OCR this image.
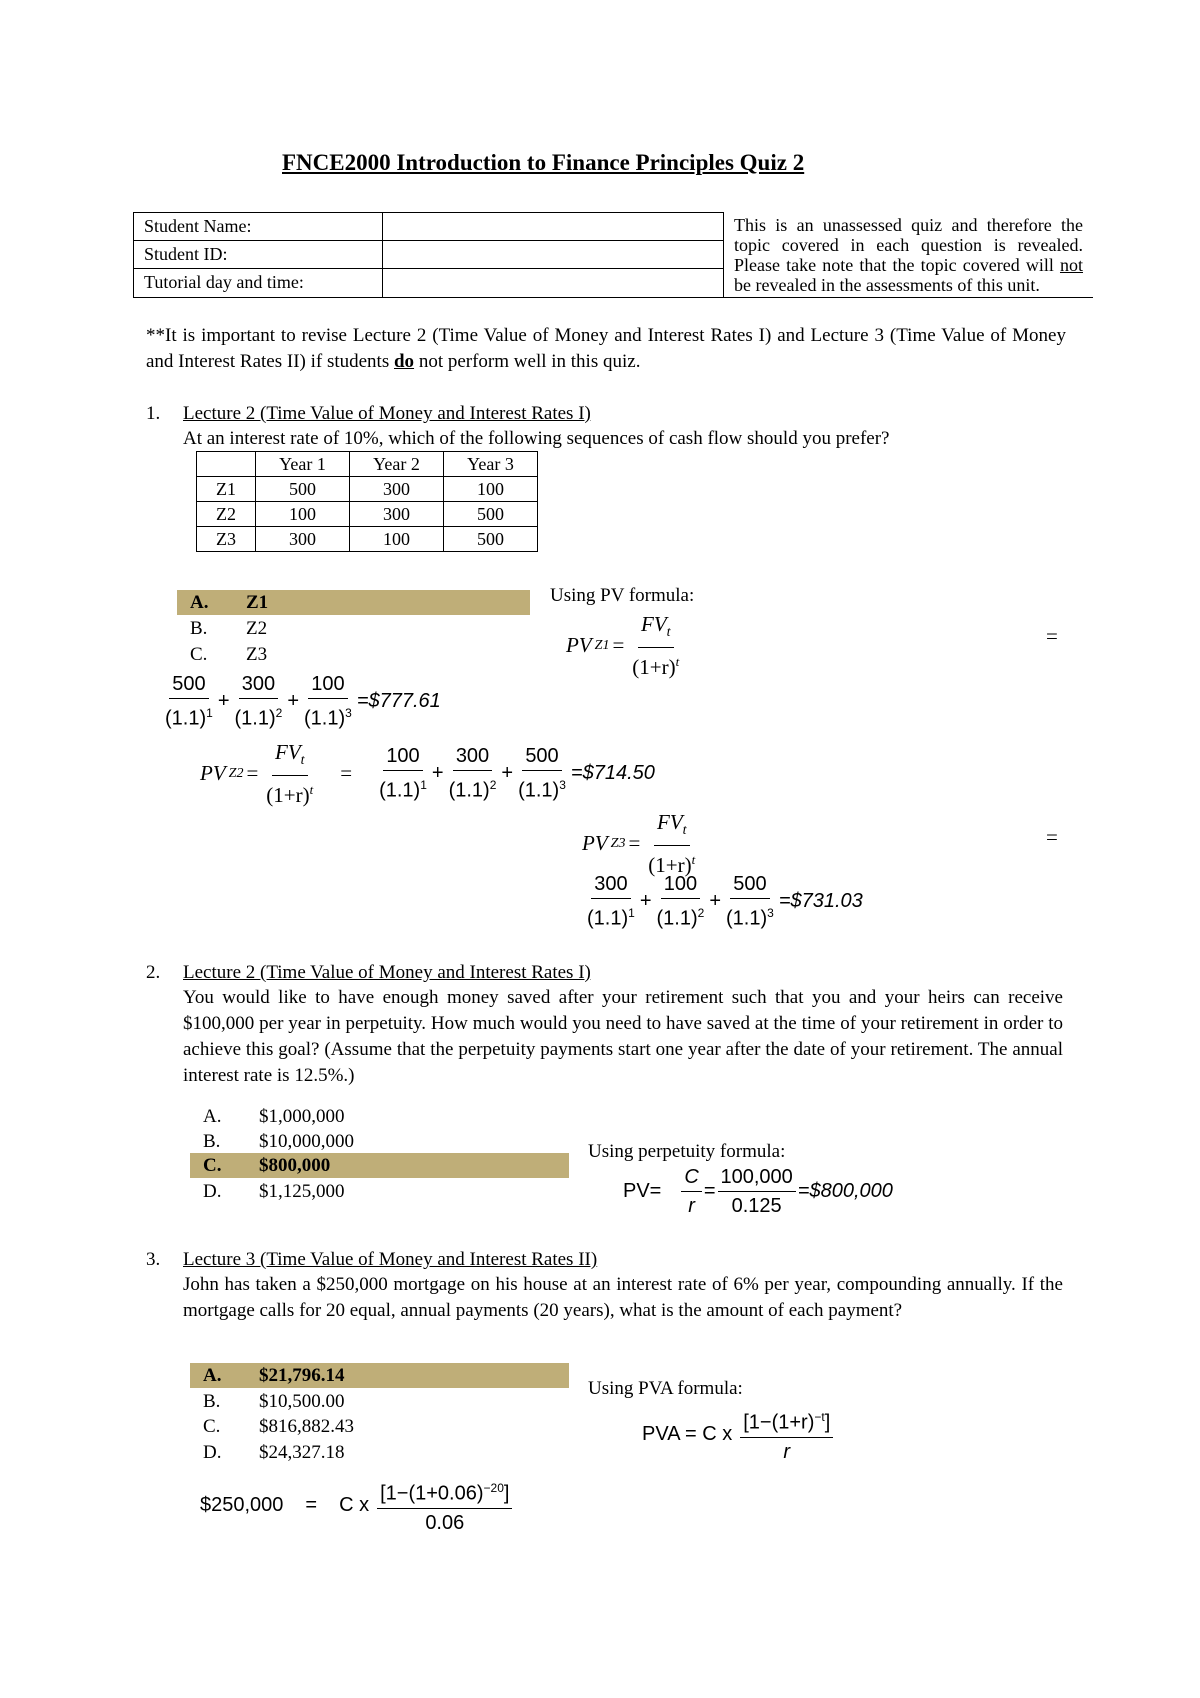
FNCE2000 Introduction to Finance Principles Quiz 2
Student Name:		This is an unassessed quiz and therefore the topic covered in each question is revealed. Please take note that the topic covered will not be revealed in the assessments of this unit.
Student ID:		
Tutorial day and time:		
**It is important to revise Lecture 2 (Time Value of Money and Interest Rates I) and Lecture 3 (Time Value of Money and Interest Rates II) if students do not perform well in this quiz.
1. Lecture 2 (Time Value of Money and Interest Rates I)
At an interest rate of 10%, which of the following sequences of cash flow should you prefer?
	Year 1	Year 2	Year 3
Z1	500	300	100
Z2	100	300	500
Z3	300	100	500
A. Z1
B. Z2
C. Z3
Using PV formula:
PV $Z1 = \frac{FV_t}{(1+r)^t}$	=
$\frac{500}{(1.1)^1} + \frac{300}{(1.1)^2} + \frac{100}{(1.1)^3}$ =$777.61
PV $Z2 = \frac{FV_t}{(1+r)^t} = \frac{100}{(1.1)^1} + \frac{300}{(1.1)^2} + \frac{500}{(1.1)^3}$ =$714.50
PV $Z3 = \frac{FV_t}{(1+r)^t}$	=
$\frac{300}{(1.1)^1} + \frac{100}{(1.1)^2} + \frac{500}{(1.1)^3}$ =$731.03
2. Lecture 2 (Time Value of Money and Interest Rates I)
You would like to have enough money saved after your retirement such that you and your heirs can receive $100,000 per year in perpetuity. How much would you need to have saved at the time of your retirement in order to achieve this goal? (Assume that the perpetuity payments start one year after the date of your retirement. The annual interest rate is 12.5%.)
A. $1,000,000
B. $10,000,000
C. $800,000
D. $1,125,000
Using perpetuity formula:
$PV= \frac{C}{r} = \frac{100,000}{0.125}$ =$800,000
3. Lecture 3 (Time Value of Money and Interest Rates II)
John has taken a $250,000 mortgage on his house at an interest rate of 6% per year, compounding annually. If the mortgage calls for 20 equal, annual payments (20 years), what is the amount of each payment?
A. $21,796.14
B. $10,500.00
C. $816,882.43
D. $24,327.18
Using PVA formula:
PVA = C x $\frac{[1-(1+r)^{-t}]}{r}$
$250,000 = C x $\frac{[1-(1+0.06)^{-20}]}{0.06}$
